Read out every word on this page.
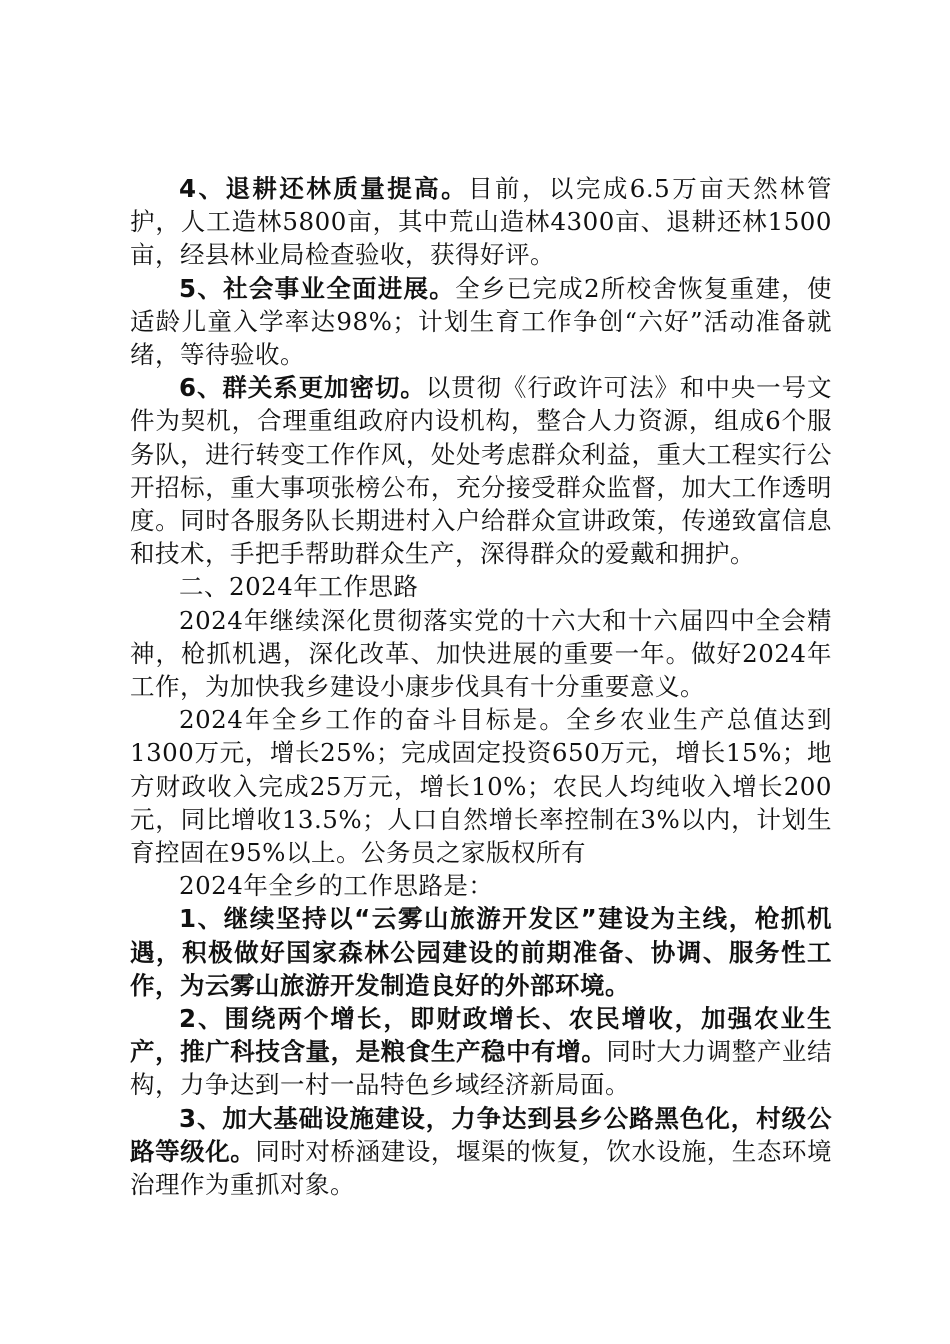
4、退耕还林质量提高。目前，以完成6.5万亩天然林管护，人工造林5800亩，其中荒山造林4300亩、退耕还林1500亩，经县林业局检查验收，获得好评。

5、社会事业全面进展。全乡已完成2所校舍恢复重建，使适龄儿童入学率达98%；计划生育工作争创“六好”活动准备就绪，等待验收。

6、群关系更加密切。以贯彻《行政许可法》和中央一号文件为契机，合理重组政府内设机构，整合人力资源，组成6个服务队，进行转变工作作风，处处考虑群众利益，重大工程实行公开招标，重大事项张榜公布，充分接受群众监督，加大工作透明度。同时各服务队长期进村入户给群众宣讲政策，传递致富信息和技术，手把手帮助群众生产，深得群众的爱戴和拥护。

二、2024年工作思路

2024年继续深化贯彻落实党的十六大和十六届四中全会精神，枪抓机遇，深化改革、加快进展的重要一年。做好2024年工作，为加快我乡建设小康步伐具有十分重要意义。

2024年全乡工作的奋斗目标是。全乡农业生产总值达到1300万元，增长25%；完成固定投资650万元，增长15%；地方财政收入完成25万元，增长10%；农民人均纯收入增长200元，同比增收13.5%；人口自然增长率控制在3%以内，计划生育控固在95%以上。公务员之家版权所有

2024年全乡的工作思路是：

1、继续坚持以“云雾山旅游开发区”建设为主线，枪抓机遇，积极做好国家森林公园建设的前期准备、协调、服务性工作，为云雾山旅游开发制造良好的外部环境。

2、围绕两个增长，即财政增长、农民增收，加强农业生产，推广科技含量，是粮食生产稳中有增。同时大力调整产业结构，力争达到一村一品特色乡域经济新局面。

3、加大基础设施建设，力争达到县乡公路黑色化，村级公路等级化。同时对桥涵建设，堰渠的恢复，饮水设施，生态环境治理作为重抓对象。
